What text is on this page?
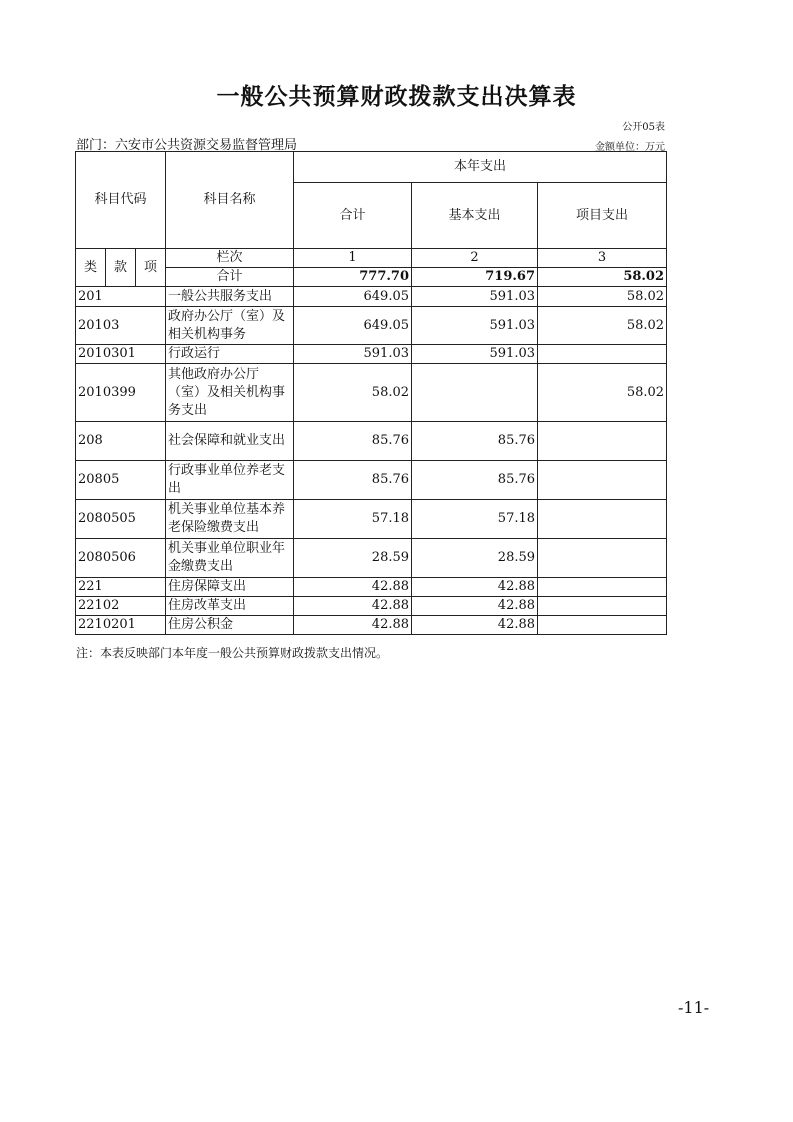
一般公共预算财政拨款支出决算表
公开05表
部门：六安市公共资源交易监督管理局	金额单位：万元
科目代码			科目名称	本年支出		
				合计	基本支出	项目支出
类	款	项	栏次	1	2	3
			合计	777.70	719.67	58.02
201			一般公共服务支出	649.05	591.03	58.02
20103			政府办公厅（室）及相关机构事务	649.05	591.03	58.02
2010301			行政运行	591.03	591.03	
2010399			其他政府办公厅（室）及相关机构事务支出	58.02		58.02
208			社会保障和就业支出	85.76	85.76	
20805			行政事业单位养老支出	85.76	85.76	
2080505			机关事业单位基本养老保险缴费支出	57.18	57.18	
2080506			机关事业单位职业年金缴费支出	28.59	28.59	
221			住房保障支出	42.88	42.88	
22102			住房改革支出	42.88	42.88	
2210201			住房公积金	42.88	42.88	
注：本表反映部门本年度一般公共预算财政拨款支出情况。
-11-
